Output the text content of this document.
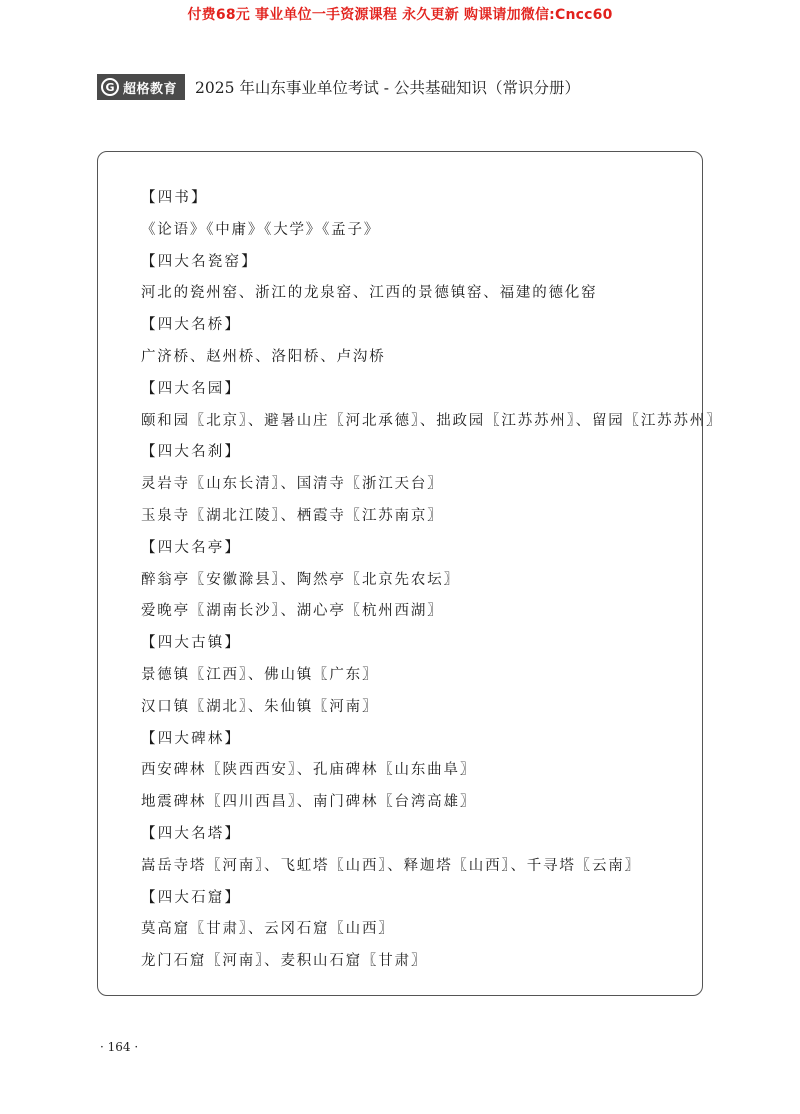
付费68元 事业单位一手资源课程 永久更新 购课请加微信:Cncc60
G 超格教育 2025 年山东事业单位考试 - 公共基础知识（常识分册）
【四书】
《论语》《中庸》《大学》《孟子》
【四大名瓷窑】
河北的瓷州窑、浙江的龙泉窑、江西的景德镇窑、福建的德化窑
【四大名桥】
广济桥、赵州桥、洛阳桥、卢沟桥
【四大名园】
颐和园〖北京〗、避暑山庄〖河北承德〗、拙政园〖江苏苏州〗、留园〖江苏苏州〗
【四大名刹】
灵岩寺〖山东长清〗、国清寺〖浙江天台〗
玉泉寺〖湖北江陵〗、栖霞寺〖江苏南京〗
【四大名亭】
醉翁亭〖安徽滁县〗、陶然亭〖北京先农坛〗
爱晚亭〖湖南长沙〗、湖心亭〖杭州西湖〗
【四大古镇】
景德镇〖江西〗、佛山镇〖广东〗
汉口镇〖湖北〗、朱仙镇〖河南〗
【四大碑林】
西安碑林〖陕西西安〗、孔庙碑林〖山东曲阜〗
地震碑林〖四川西昌〗、南门碑林〖台湾高雄〗
【四大名塔】
嵩岳寺塔〖河南〗、飞虹塔〖山西〗、释迦塔〖山西〗、千寻塔〖云南〗
【四大石窟】
莫高窟〖甘肃〗、云冈石窟〖山西〗
龙门石窟〖河南〗、麦积山石窟〖甘肃〗
· 164 ·
